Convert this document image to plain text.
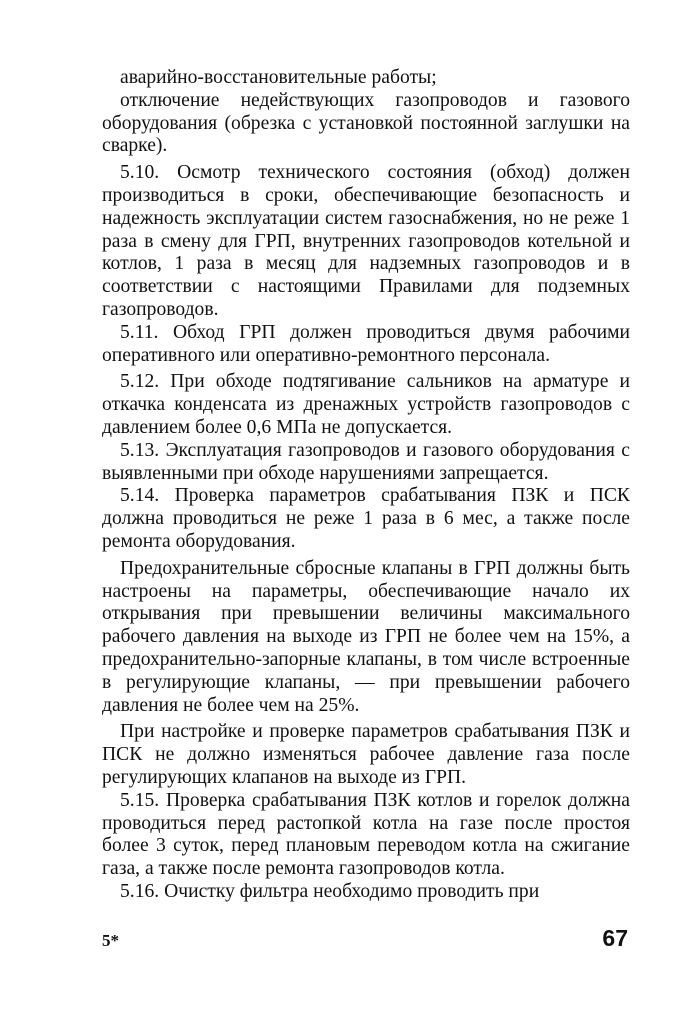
аварийно-восстановительные работы;

отключение недействующих газопроводов и газового оборудования (обрезка с установкой постоянной заглушки на сварке).

5.10. Осмотр технического состояния (обход) должен производиться в сроки, обеспечивающие безопасность и надежность эксплуатации систем газоснабжения, но не реже 1 раза в смену для ГРП, внутренних газопроводов котельной и котлов, 1 раза в месяц для надземных газопроводов и в соответствии с настоящими Правилами для подземных газопроводов.

5.11. Обход ГРП должен проводиться двумя рабочими оперативного или оперативно-ремонтного персонала.

5.12. При обходе подтягивание сальников на арматуре и откачка конденсата из дренажных устройств газопроводов с давлением более 0,6 МПа не допускается.

5.13. Эксплуатация газопроводов и газового оборудования с выявленными при обходе нарушениями запрещается.

5.14. Проверка параметров срабатывания ПЗК и ПСК должна проводиться не реже 1 раза в 6 мес, а также после ремонта оборудования.

Предохранительные сбросные клапаны в ГРП должны быть настроены на параметры, обеспечивающие начало их открывания при превышении величины максимального рабочего давления на выходе из ГРП не более чем на 15%, а предохранительно-запорные клапаны, в том числе встроенные в регулирующие клапаны, — при превышении рабочего давления не более чем на 25%.

При настройке и проверке параметров срабатывания ПЗК и ПСК не должно изменяться рабочее давление газа после регулирующих клапанов на выходе из ГРП.

5.15. Проверка срабатывания ПЗК котлов и горелок должна проводиться перед растопкой котла на газе после простоя более 3 суток, перед плановым переводом котла на сжигание газа, а также после ремонта газопроводов котла.

5.16. Очистку фильтра необходимо проводить при

5*	67
